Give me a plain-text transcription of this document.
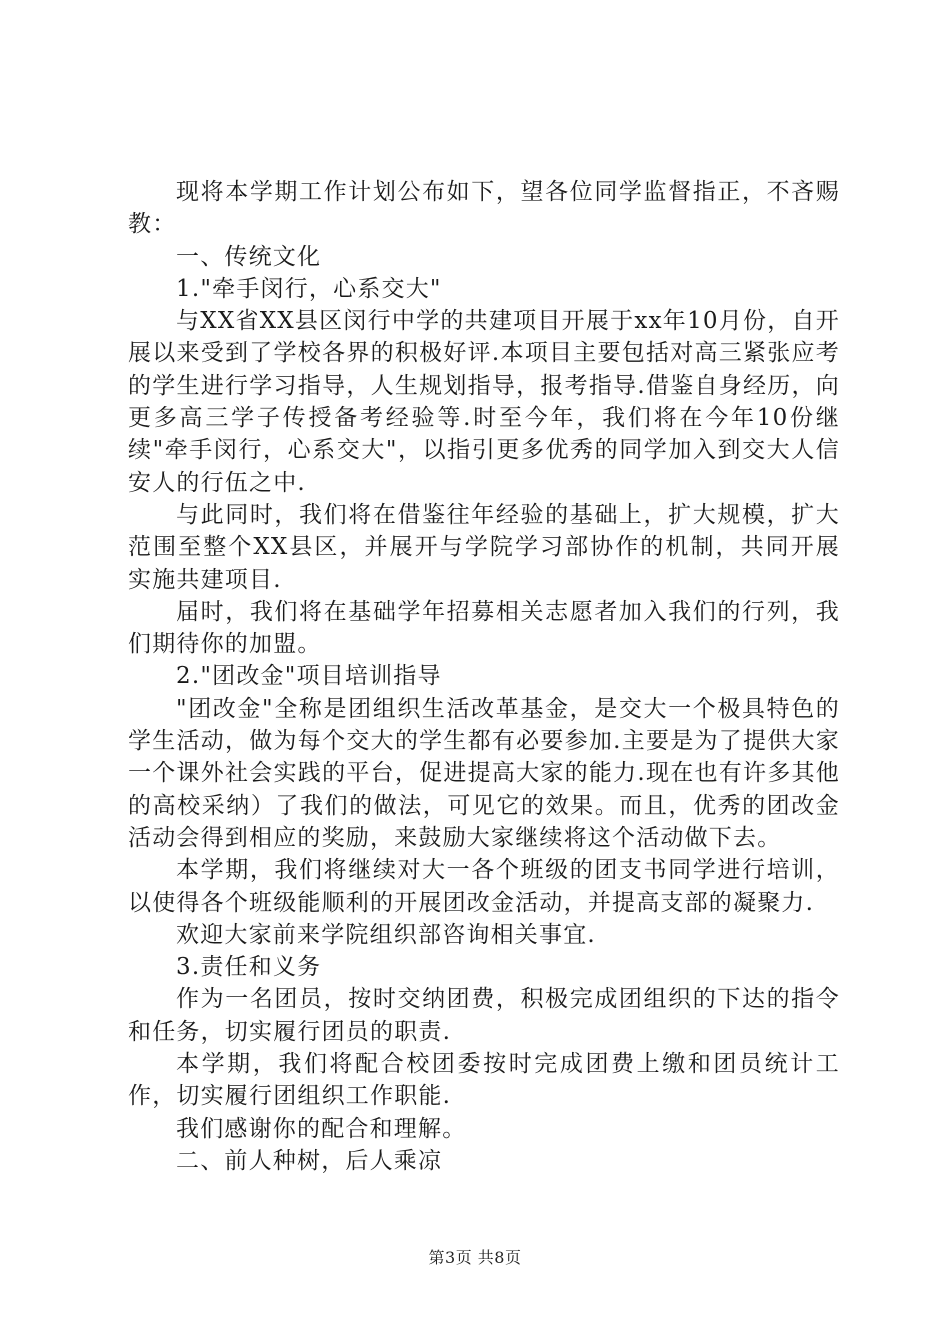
现将本学期工作计划公布如下，望各位同学监督指正，不吝赐教：

一、传统文化

1."牵手闵行，心系交大"

与XX省XX县区闵行中学的共建项目开展于xx年10月份，自开展以来受到了学校各界的积极好评.本项目主要包括对高三紧张应考的学生进行学习指导，人生规划指导，报考指导.借鉴自身经历，向更多高三学子传授备考经验等.时至今年，我们将在今年10份继续"牵手闵行，心系交大"，以指引更多优秀的同学加入到交大人信安人的行伍之中.

与此同时，我们将在借鉴往年经验的基础上，扩大规模，扩大范围至整个XX县区，并展开与学院学习部协作的机制，共同开展实施共建项目.

届时，我们将在基础学年招募相关志愿者加入我们的行列，我们期待你的加盟。

2."团改金"项目培训指导

"团改金"全称是团组织生活改革基金，是交大一个极具特色的学生活动，做为每个交大的学生都有必要参加.主要是为了提供大家一个课外社会实践的平台，促进提高大家的能力.现在也有许多其他的高校采纳）了我们的做法，可见它的效果。而且，优秀的团改金活动会得到相应的奖励，来鼓励大家继续将这个活动做下去。

本学期，我们将继续对大一各个班级的团支书同学进行培训，以使得各个班级能顺利的开展团改金活动，并提高支部的凝聚力.

欢迎大家前来学院组织部咨询相关事宜.

3.责任和义务

作为一名团员，按时交纳团费，积极完成团组织的下达的指令和任务，切实履行团员的职责.

本学期，我们将配合校团委按时完成团费上缴和团员统计工作，切实履行团组织工作职能.

我们感谢你的配合和理解。

二、前人种树，后人乘凉

第3页 共8页
